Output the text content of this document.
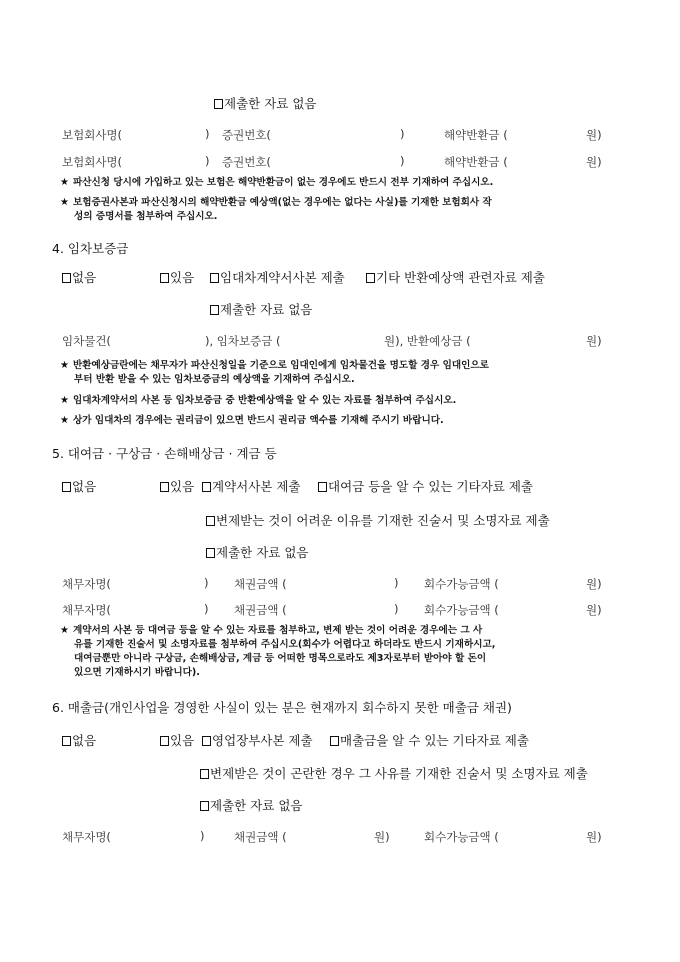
제출한 자료 없음
보험회사명(	) 증권번호(	)	해약반환금 (	원)
보험회사명(	) 증권번호(	)	해약반환금 (	원)
★ 파산신청 당시에 가입하고 있는 보험은 해약반환금이 없는 경우에도 반드시 전부 기재하여 주십시오.
★ 보험증권사본과 파산신청시의 해약반환금 예상액(없는 경우에는 없다는 사실)를 기재한 보험회사 작
성의 증명서를 첨부하여 주십시오.
4. 임차보증금
없음	있음	임대차계약서사본 제출	기타 반환예상액 관련자료 제출
제출한 자료 없음
임차물건(	), 임차보증금 (	원), 반환예상금 (	원)
★ 반환예상금란에는 채무자가 파산신청일을 기준으로 임대인에게 임차물건을 명도할 경우 임대인으로
부터 반환 받을 수 있는 임차보증금의 예상액을 기재하여 주십시오.
★ 임대차계약서의 사본 등 임차보증금 중 반환예상액을 알 수 있는 자료를 첨부하여 주십시오.
★ 상가 임대차의 경우에는 권리금이 있으면 반드시 권리금 액수를 기재해 주시기 바랍니다.
5. 대여금 · 구상금 · 손해배상금 · 계금 등
없음	있음	계약서사본 제출	대여금 등을 알 수 있는 기타자료 제출
변제받는 것이 어려운 이유를 기재한 진술서 및 소명자료 제출
제출한 자료 없음
채무자명(	) 채권금액 (	) 회수가능금액 (	원)
채무자명(	) 채권금액 (	) 회수가능금액 (	원)
★ 계약서의 사본 등 대여금 등을 알 수 있는 자료를 첨부하고, 변제 받는 것이 어려운 경우에는 그 사
유를 기재한 진술서 및 소명자료를 첨부하여 주십시오(회수가 어렵다고 하더라도 반드시 기재하시고,
대여금뿐만 아니라 구상금, 손해배상금, 계금 등 어떠한 명목으로라도 제3자로부터 받아야 할 돈이
있으면 기재하시기 바랍니다).
6. 매출금(개인사업을 경영한 사실이 있는 분은 현재까지 회수하지 못한 매출금 채권)
없음	있음	영업장부사본 제출	매출금을 알 수 있는 기타자료 제출
변제받은 것이 곤란한 경우 그 사유를 기재한 진술서 및 소명자료 제출
제출한 자료 없음
채무자명(	)	채권금액 (	원)	회수가능금액 (	원)
